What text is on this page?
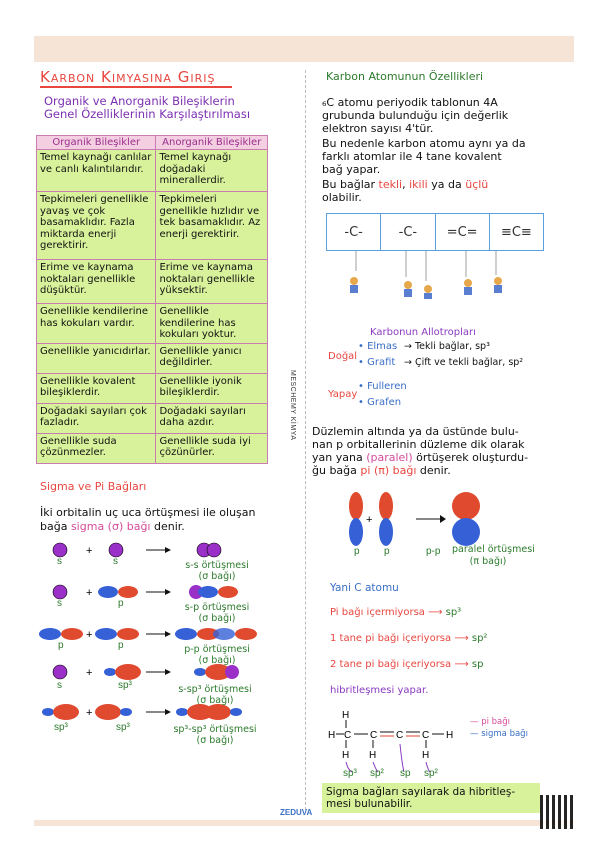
MESCHEMY KİMYA
Karbon Kimyasına Giriş
Organik ve Anorganik Bileşiklerin
Genel Özelliklerinin Karşılaştırılması
Organik Bileşikler	Anorganik Bileşikler
Temel kaynağı canlılar ve canlı kalıntılarıdır.	Temel kaynağı doğadaki minerallerdir.
Tepkimeleri genellikle yavaş ve çok basamaklıdır. Fazla miktarda enerji gerektirir.	Tepkimeleri genellikle hızlıdır ve tek basamaklıdır. Az enerji gerektirir.
Erime ve kaynama noktaları genellikle düşüktür.	Erime ve kaynama noktaları genellikle yüksektir.
Genellikle kendilerine has kokuları vardır.	Genellikle kendilerine has kokuları yoktur.
Genellikle yanıcıdırlar.	Genellikle yanıcı değildirler.
Genellikle kovalent bileşiklerdir.	Genellikle iyonik bileşiklerdir.
Doğadaki sayıları çok fazladır.	Doğadaki sayıları daha azdır.
Genellikle suda çözünmezler.	Genellikle suda iyi çözünürler.
Sigma ve Pi Bağları
İki orbitalin uç uca örtüşmesi ile oluşan
bağa sigma (σ) bağı denir.
+
+
+
+
+
s	s	s-s örtüşmesi
(σ bağı)
s	p	s-p örtüşmesi
(σ bağı)
p	p	p-p örtüşmesi
(σ bağı)
s	sp³	s-sp³ örtüşmesi
(σ bağı)
sp³	sp³	sp³-sp³ örtüşmesi
(σ bağı)
Karbon Atomunun Özellikleri
₆C atomu periyodik tablonun 4A
grubunda bulunduğu için değerlik
elektron sayısı 4'tür.
Bu nedenle karbon atomu aynı ya da
farklı atomlar ile 4 tane kovalent
bağ yapar.
Bu bağlar tekli, ikili ya da üçlü
olabilir.
-C-	-C-	=C=	≡C≡
Karbonun Allotropları
Doğal
• Elmas
• Grafit
→ Tekli bağlar, sp³
→ Çift ve tekli bağlar, sp²
Yapay
• Fulleren
• Grafen
Düzlemin altında ya da üstünde bulu-
nan p orbitallerinin düzleme dik olarak
yan yana (paralel) örtüşerek oluşturdu-
ğu bağa pi (π) bağı denir.
+
p p	p-p paralel örtüşmesi
(π bağı)
Yani C atomu
Pi bağı içermiyorsa ⟶ sp³
1 tane pi bağı içeriyorsa ⟶ sp²
2 tane pi bağı içeriyorsa ⟶ sp
hibritleşmesi yapar.
H
H C
H
C
H
C C H
H
— pi bağı
— sigma bağı
sp³ sp² sp sp²
Sigma bağları sayılarak da hibritleş-
mesi bulunabilir.
ZEDUVA
